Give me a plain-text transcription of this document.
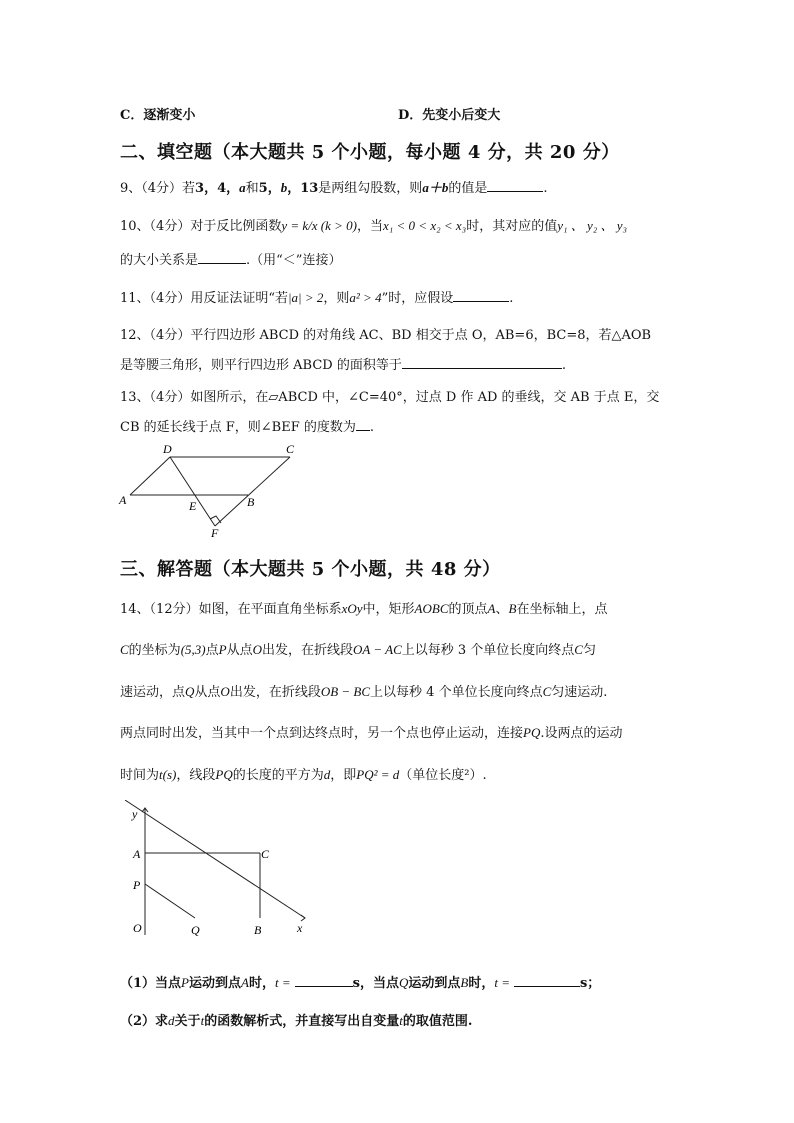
C．逐渐变小	D．先变小后变大
二、填空题（本大题共 5 个小题，每小题 4 分，共 20 分）
9、（4分）若3，4，a和5，b，13是两组勾股数，则a＋b的值是	.
10、（4分）对于反比例函数y = k/x (k > 0)，当x₁ < 0 < x₂ < x₃时，其对应的值y₁ 、 y₂ 、 y₃
的大小关系是	.（用“＜”连接）
11、（4分）用反证法证明“若|a| > 2，则a² > 4”时，应假设	.
12、（4分）平行四边形 ABCD 的对角线 AC、BD 相交于点 O，AB=6，BC=8，若△AOB
是等腰三角形，则平行四边形 ABCD 的面积等于	.
13、（4分）如图所示，在▱ABCD 中，∠C=40°，过点 D 作 AD 的垂线，交 AB 于点 E，交
CB 的延长线于点 F，则∠BEF 的度数为 .
A
D	C
E	B
F
三、解答题（本大题共 5 个小题，共 48 分）
14、（12分）如图，在平面直角坐标系xOy中，矩形AOBC的顶点A、B在坐标轴上，点
C的坐标为(5,3)点P从点O出发，在折线段OA − AC上以每秒 3 个单位长度向终点C匀
速运动，点Q从点O出发，在折线段OB − BC上以每秒 4 个单位长度向终点C匀速运动.
两点同时出发，当其中一个点到达终点时，另一个点也停止运动，连接PQ.设两点的运动
时间为t(s)，线段PQ的长度的平方为d，即PQ² = d（单位长度²）.
y
x
O
A	C
P
Q	B
（1）当点P运动到点A时，t =	s，当点Q运动到点B时，t =	s；
（2）求d关于t的函数解析式，并直接写出自变量t的取值范围.
